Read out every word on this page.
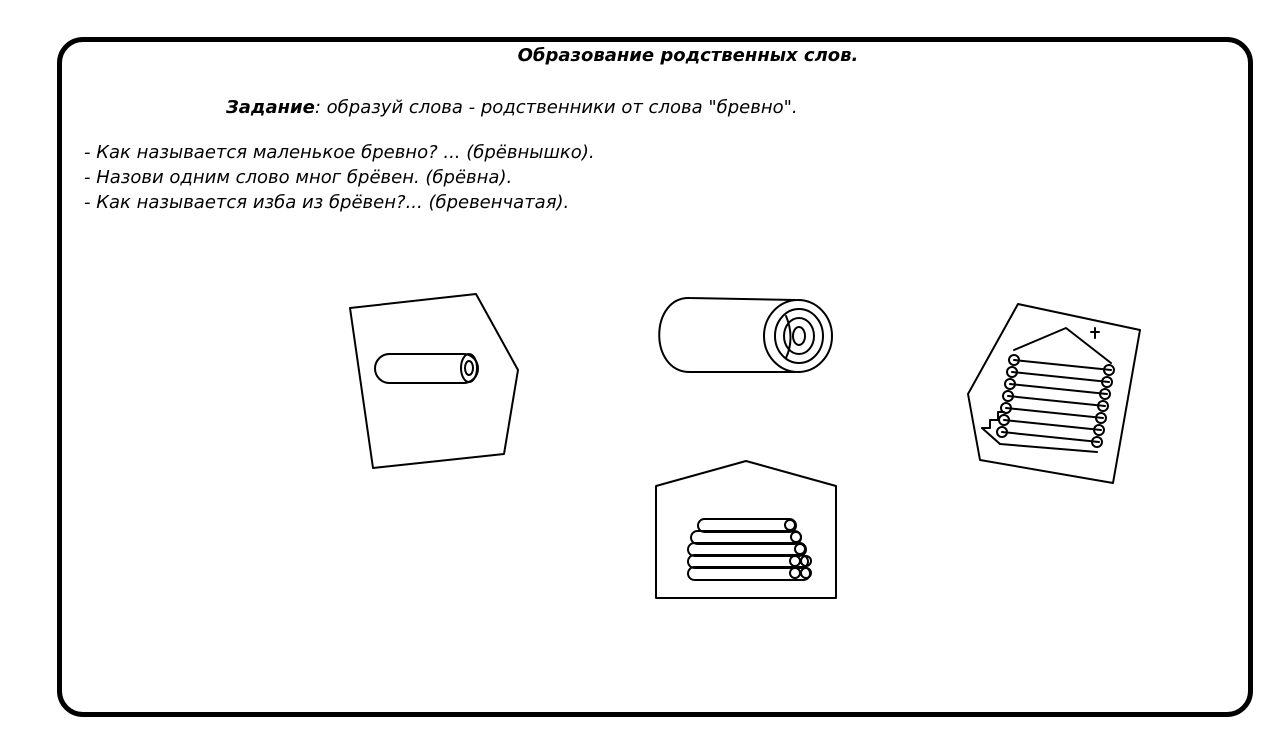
Образование родственных слов.
Задание: образуй слова - родственники от слова "бревно".
- Как называется маленькое бревно? ... (брёвнышко).
- Назови одним слово мног брёвен. (брёвна).
- Как называется изба из брёвен?... (бревенчатая).
